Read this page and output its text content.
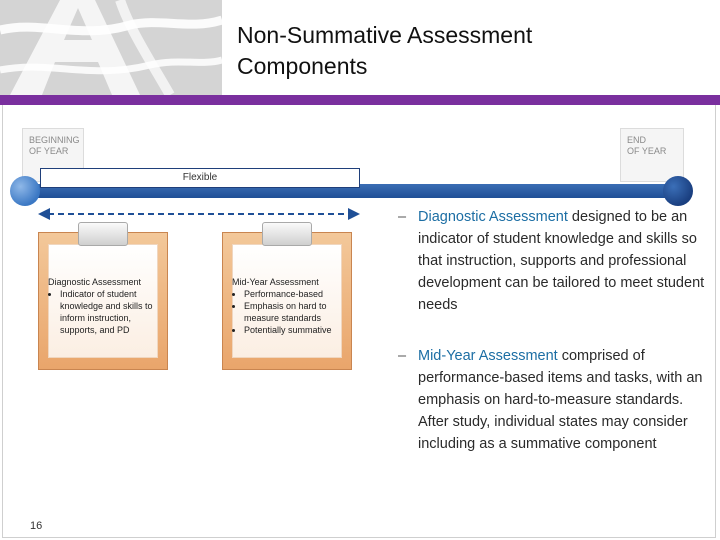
Non-Summative Assessment
Components
BEGINNING
OF YEAR
END
OF YEAR
Flexible
Diagnostic Assessment
• Indicator of student knowledge and skills to inform instruction, supports, and PD
Mid-Year Assessment
• Performance-based
• Emphasis on hard to measure standards
• Potentially summative
– Diagnostic Assessment designed to be an indicator of student knowledge and skills so that instruction, supports and professional development can be tailored to meet student needs
– Mid-Year Assessment comprised of performance-based items and tasks, with an emphasis on hard-to-measure standards. After study, individual states may consider including as a summative component
16
